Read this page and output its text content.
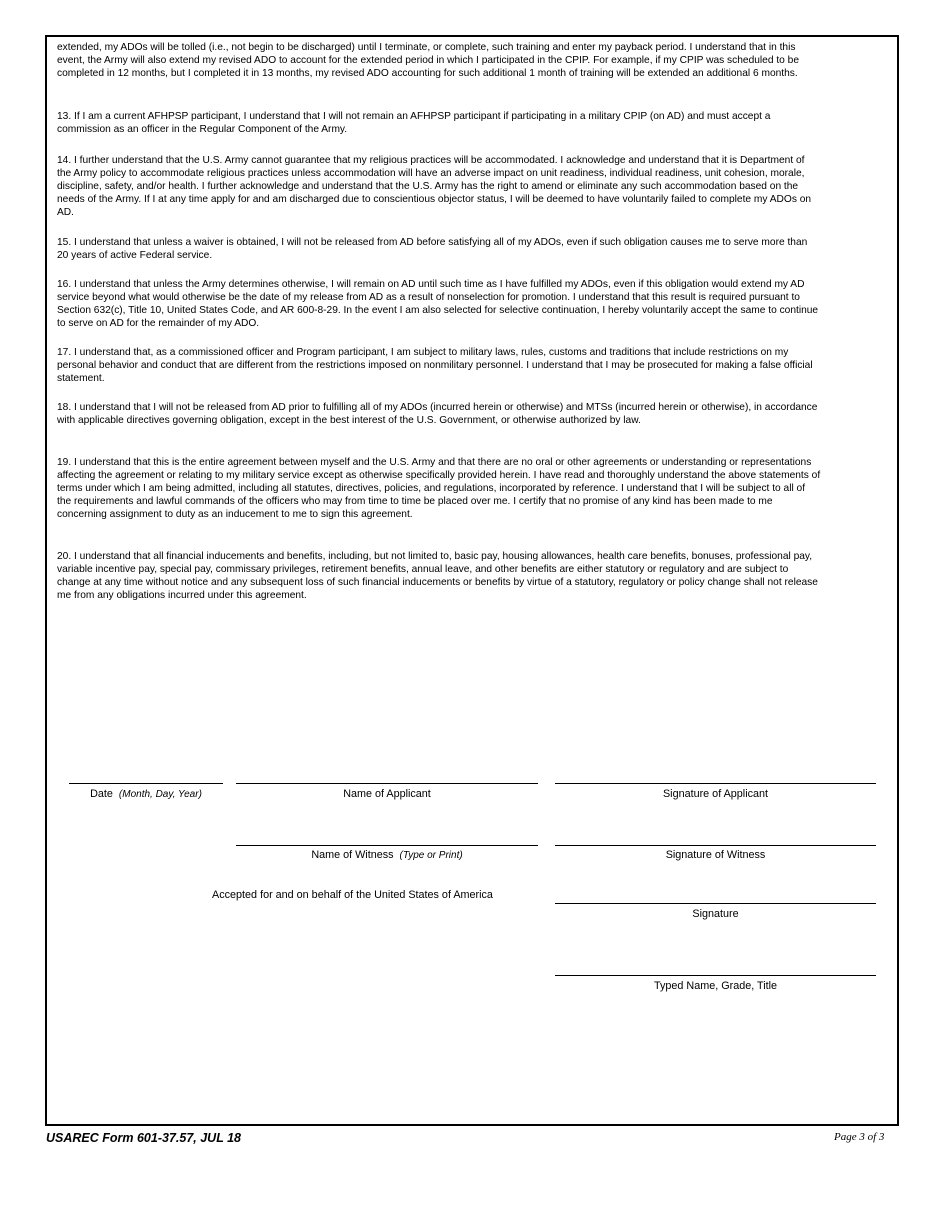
extended, my ADOs will be tolled (i.e., not begin to be discharged) until I terminate, or complete, such training and enter my payback period. I understand that in this event, the Army will also extend my revised ADO to account for the extended period in which I participated in the CPIP. For example, if my CPIP was scheduled to be completed in 12 months, but I completed it in 13 months, my revised ADO accounting for such additional 1 month of training will be extended an additional 6 months.

13. If I am a current AFHPSP participant, I understand that I will not remain an AFHPSP participant if participating in a military CPIP (on AD) and must accept a commission as an officer in the Regular Component of the Army.

14. I further understand that the U.S. Army cannot guarantee that my religious practices will be accommodated. I acknowledge and understand that it is Department of the Army policy to accommodate religious practices unless accommodation will have an adverse impact on unit readiness, individual readiness, unit cohesion, morale, discipline, safety, and/or health. I further acknowledge and understand that the U.S. Army has the right to amend or eliminate any such accommodation based on the needs of the Army. If I at any time apply for and am discharged due to conscientious objector status, I will be deemed to have voluntarily failed to complete my ADOs on AD.

15. I understand that unless a waiver is obtained, I will not be released from AD before satisfying all of my ADOs, even if such obligation causes me to serve more than 20 years of active Federal service.

16. I understand that unless the Army determines otherwise, I will remain on AD until such time as I have fulfilled my ADOs, even if this obligation would extend my AD service beyond what would otherwise be the date of my release from AD as a result of nonselection for promotion. I understand that this result is required pursuant to Section 632(c), Title 10, United States Code, and AR 600-8-29. In the event I am also selected for selective continuation, I hereby voluntarily accept the same to continue to serve on AD for the remainder of my ADO.

17. I understand that, as a commissioned officer and Program participant, I am subject to military laws, rules, customs and traditions that include restrictions on my personal behavior and conduct that are different from the restrictions imposed on nonmilitary personnel. I understand that I may be prosecuted for making a false official statement.

18. I understand that I will not be released from AD prior to fulfilling all of my ADOs (incurred herein or otherwise) and MTSs (incurred herein or otherwise), in accordance with applicable directives governing obligation, except in the best interest of the U.S. Government, or otherwise authorized by law.

19. I understand that this is the entire agreement between myself and the U.S. Army and that there are no oral or other agreements or understanding or representations affecting the agreement or relating to my military service except as otherwise specifically provided herein. I have read and thoroughly understand the above statements of terms under which I am being admitted, including all statutes, directives, policies, and regulations, incorporated by reference. I understand that I will be subject to all of the requirements and lawful commands of the officers who may from time to time be placed over me. I certify that no promise of any kind has been made to me concerning assignment to duty as an inducement to me to sign this agreement.

20. I understand that all financial inducements and benefits, including, but not limited to, basic pay, housing allowances, health care benefits, bonuses, professional pay, variable incentive pay, special pay, commissary privileges, retirement benefits, annual leave, and other benefits are either statutory or regulatory and are subject to change at any time without notice and any subsequent loss of such financial inducements or benefits by virtue of a statutory, regulatory or policy change shall not release me from any obligations incurred under this agreement.

Date (Month, Day, Year)	Name of Applicant	Signature of Applicant
Name of Witness (Type or Print)	Signature of Witness
Accepted for and on behalf of the United States of America
Signature
Typed Name, Grade, Title
USAREC Form 601-37.57, JUL 18	Page 3 of 3
